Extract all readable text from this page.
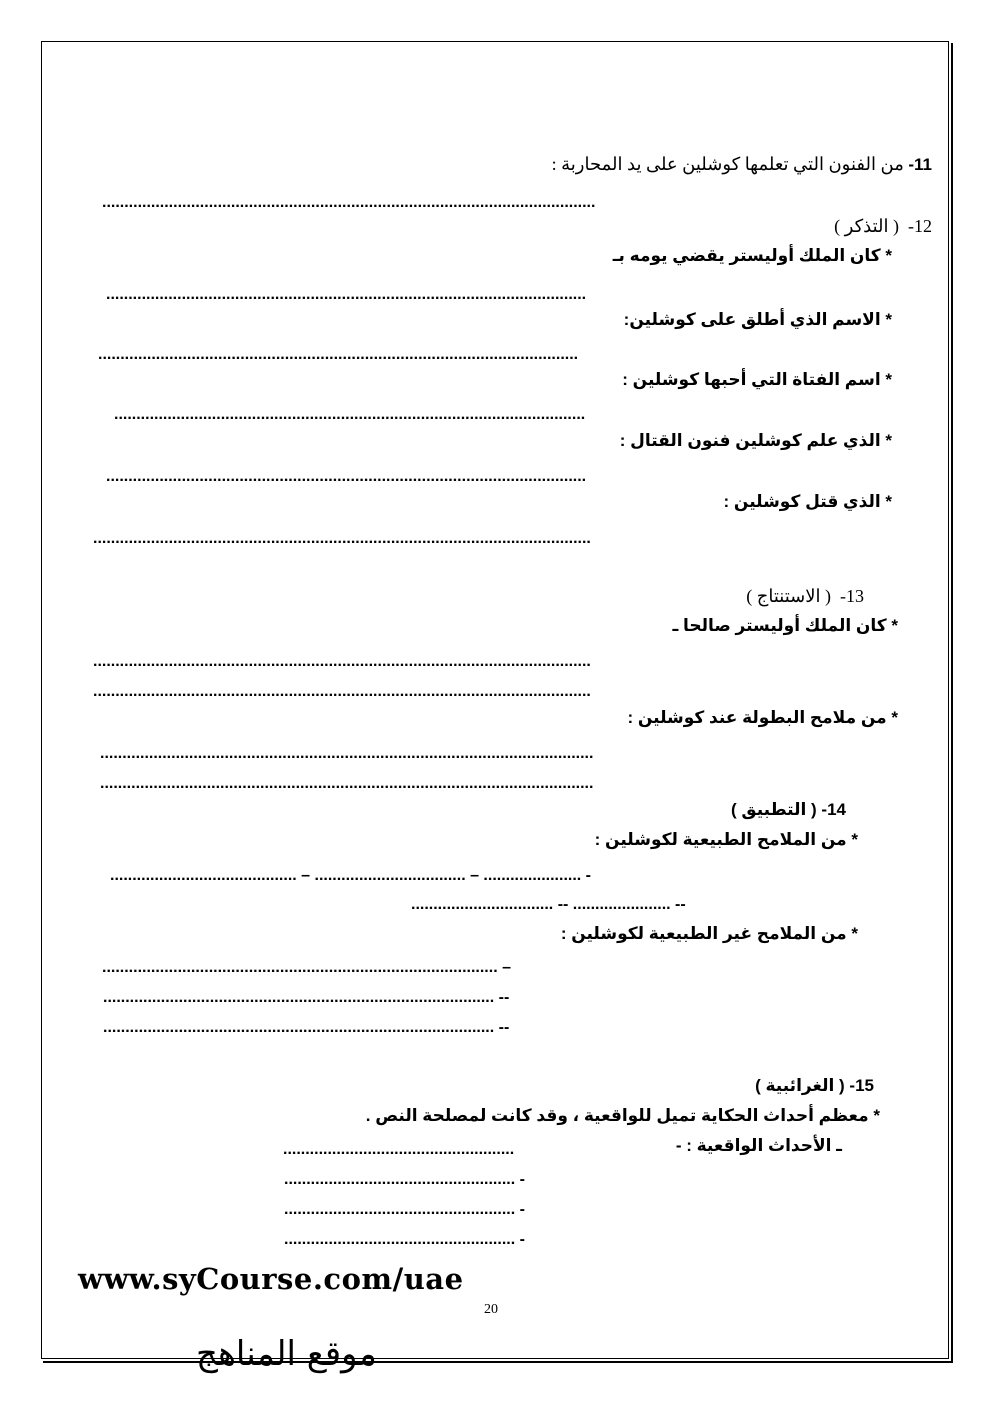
11- من الفنون التي تعلمها كوشلين على يد المحاربة :
...............................................................................................................
12-  ( التذكر )
* كان الملك أوليستر يقضي يومه بـ
............................................................................................................
* الاسم الذي أطلق على كوشلين:
............................................................................................................
* اسم الفتاة التي أحبها كوشلين :
..........................................................................................................
* الذي علم كوشلين فنون القتال :
............................................................................................................
* الذي قتل كوشلين :
................................................................................................................
13-  ( الاستنتاج )
* كان الملك أوليستر صالحا ـ
................................................................................................................
................................................................................................................
* من ملامح البطولة عند كوشلين :
...............................................................................................................
...............................................................................................................
14- ( التطبيق )
* من الملامح الطبيعية لكوشلين :
.......................................... – .................................. – ...................... -
................................ -- ...................... --
* من الملامح غير الطبيعية لكوشلين :
......................................................................................... –
........................................................................................ --
........................................................................................ --
15- ( الغرائبية )
* معظم أحداث الحكاية تميل للواقعية ، وقد كانت لمصلحة النص .
ـ الأحداث الواقعية : -
....................................................
.................................................... -
.................................................... -
.................................................... -
www.syCourse.com/uae
20
موقع المناهج
